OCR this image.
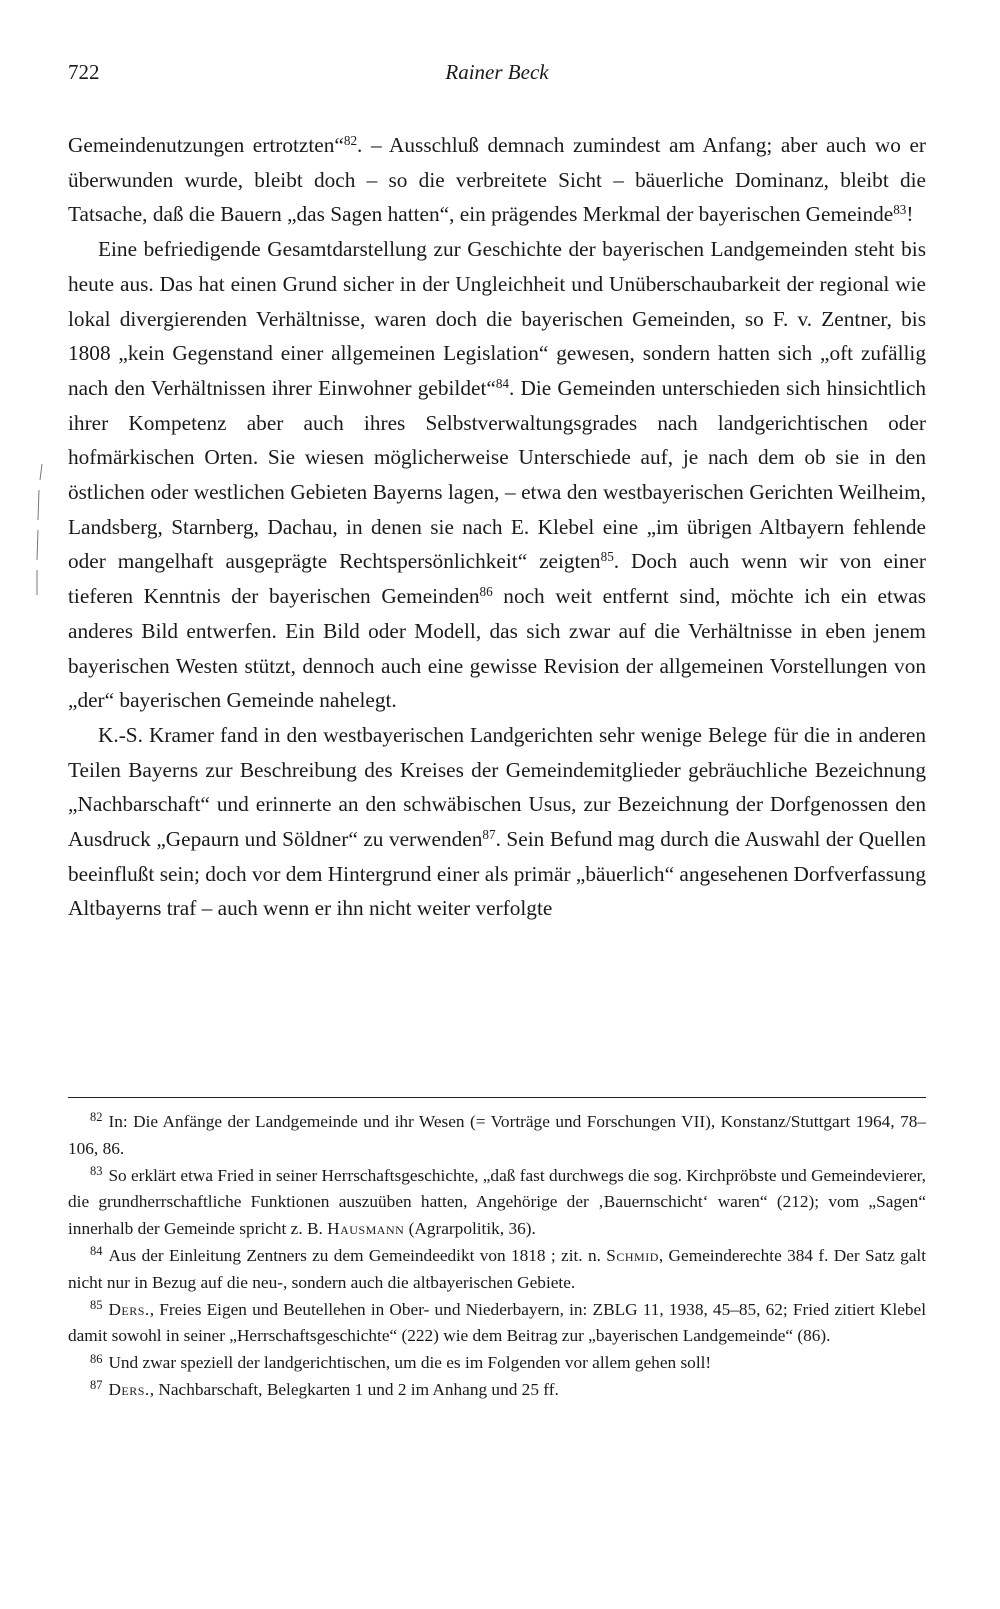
722	Rainer Beck

Gemeindenutzungen ertrotzten“$^{82}$. – Ausschluß demnach zumindest am Anfang; aber auch wo er überwunden wurde, bleibt doch – so die verbreitete Sicht – bäuerliche Dominanz, bleibt die Tatsache, daß die Bauern „das Sagen hatten“, ein prägendes Merkmal der bayerischen Gemeinde$^{83}$!

Eine befriedigende Gesamtdarstellung zur Geschichte der bayerischen Landgemeinden steht bis heute aus. Das hat einen Grund sicher in der Ungleichheit und Unüberschaubarkeit der regional wie lokal divergierenden Verhältnisse, waren doch die bayerischen Gemeinden, so F. v. Zentner, bis 1808 „kein Gegenstand einer allgemeinen Legislation“ gewesen, sondern hatten sich „oft zufällig nach den Verhältnissen ihrer Einwohner gebildet“$^{84}$. Die Gemeinden unterschieden sich hinsichtlich ihrer Kompetenz aber auch ihres Selbstverwaltungsgrades nach landgerichtischen oder hofmärkischen Orten. Sie wiesen möglicherweise Unterschiede auf, je nach dem ob sie in den östlichen oder westlichen Gebieten Bayerns lagen, – etwa den westbayerischen Gerichten Weilheim, Landsberg, Starnberg, Dachau, in denen sie nach E. Klebel eine „im übrigen Altbayern fehlende oder mangelhaft ausgeprägte Rechtspersönlichkeit“ zeigten$^{85}$. Doch auch wenn wir von einer tieferen Kenntnis der bayerischen Gemeinden$^{86}$ noch weit entfernt sind, möchte ich ein etwas anderes Bild entwerfen. Ein Bild oder Modell, das sich zwar auf die Verhältnisse in eben jenem bayerischen Westen stützt, dennoch auch eine gewisse Revision der allgemeinen Vorstellungen von „der“ bayerischen Gemeinde nahelegt.

K.-S. Kramer fand in den westbayerischen Landgerichten sehr wenige Belege für die in anderen Teilen Bayerns zur Beschreibung des Kreises der Gemeindemitglieder gebräuchliche Bezeichnung „Nachbarschaft“ und erinnerte an den schwäbischen Usus, zur Bezeichnung der Dorfgenossen den Ausdruck „Gepaurn und Söldner“ zu verwenden$^{87}$. Sein Befund mag durch die Auswahl der Quellen beeinflußt sein; doch vor dem Hintergrund einer als primär „bäuerlich“ angesehenen Dorfverfassung Altbayerns traf – auch wenn er ihn nicht weiter verfolgte

$^{82}$ In: Die Anfänge der Landgemeinde und ihr Wesen (= Vorträge und Forschungen VII), Konstanz/Stuttgart 1964, 78–106, 86.

$^{83}$ So erklärt etwa Fried in seiner Herrschaftsgeschichte, „daß fast durchwegs die sog. Kirchpröbste und Gemeindevierer, die grundherrschaftliche Funktionen auszuüben hatten, Angehörige der ‚Bauernschicht‘ waren“ (212); vom „Sagen“ innerhalb der Gemeinde spricht z. B. Hausmann (Agrarpolitik, 36).

$^{84}$ Aus der Einleitung Zentners zu dem Gemeindeedikt von 1818 ; zit. n. Schmid, Gemeinderechte 384 f. Der Satz galt nicht nur in Bezug auf die neu-, sondern auch die altbayerischen Gebiete.

$^{85}$ Ders., Freies Eigen und Beutellehen in Ober- und Niederbayern, in: ZBLG 11, 1938, 45–85, 62; Fried zitiert Klebel damit sowohl in seiner „Herrschaftsgeschichte“ (222) wie dem Beitrag zur „bayerischen Landgemeinde“ (86).

$^{86}$ Und zwar speziell der landgerichtischen, um die es im Folgenden vor allem gehen soll!

$^{87}$ Ders., Nachbarschaft, Belegkarten 1 und 2 im Anhang und 25 ff.
